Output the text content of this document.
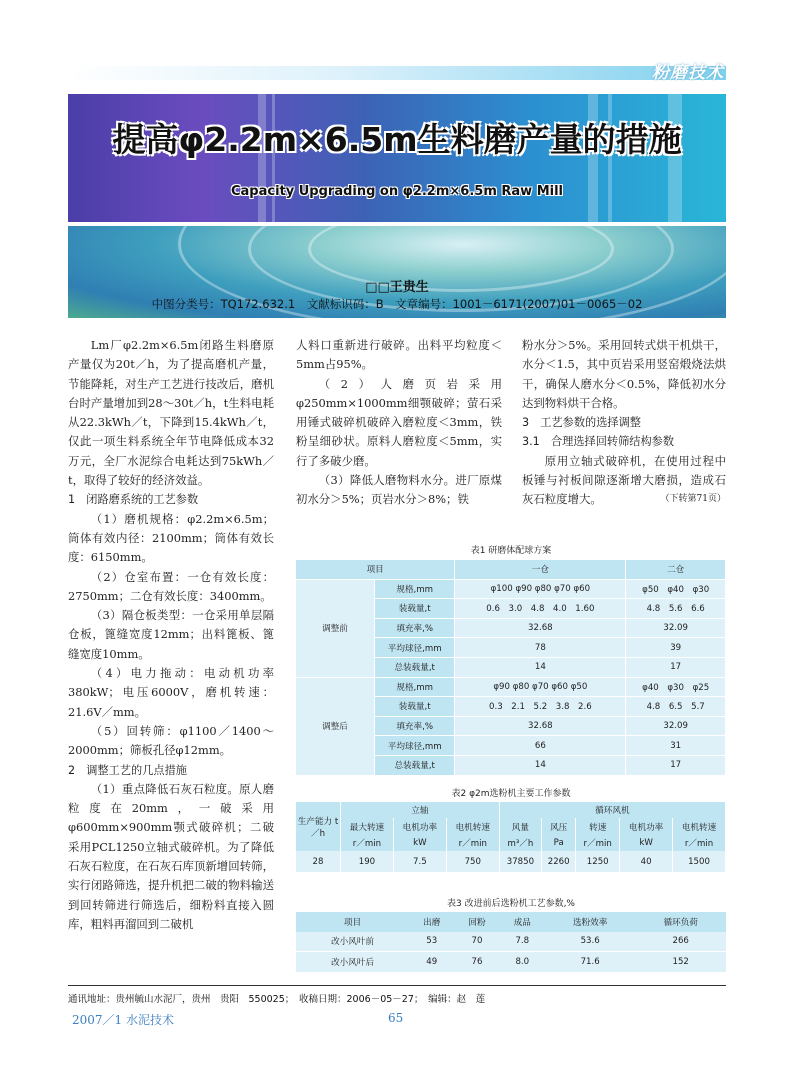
粉磨技术
提高φ2.2m×6.5m生料磨产量的措施
Capacity Upgrading on φ2.2m×6.5m Raw Mill
□□王贵生
中图分类号：TQ172.632.1　文献标识码：B　文章编号：1001－6171(2007)01－0065－02

Lm厂φ2.2m×6.5m闭路生料磨原产量仅为20t／h，为了提高磨机产量，节能降耗，对生产工艺进行技改后，磨机台时产量增加到28～30t／h，t生料电耗从22.3kWh／t，下降到15.4kWh／t，仅此一项生料系统全年节电降低成本32万元，全厂水泥综合电耗达到75kWh／t，取得了较好的经济效益。

1　闭路磨系统的工艺参数

（1）磨机规格：φ2.2m×6.5m；筒体有效内径：2100mm；筒体有效长度：6150mm。

（2）仓室布置：一仓有效长度：2750mm；二仓有效长度：3400mm。

（3）隔仓板类型：一仓采用单层隔仓板，篦缝宽度12mm；出料篦板、篦缝宽度10mm。

（4）电力拖动：电动机功率380kW；电压6000V，磨机转速：21.6V／mm。

（5）回转筛：φ1100／1400～2000mm；筛板孔径φ12mm。

2　调整工艺的几点措施

（1）重点降低石灰石粒度。原人磨粒度在20mm，一破采用φ600mm×900mm颚式破碎机；二破采用PCL1250立轴式破碎机。为了降低石灰石粒度，在石灰石库顶新增回转筛，实行闭路筛选，提升机把二破的物料输送到回转筛进行筛选后，细粉料直接入圆库，粗料再溜回到二破机

人料口重新进行破碎。出料平均粒度＜5mm占95%。

（2）人磨页岩采用φ250mm×1000mm细颚破碎；萤石采用锤式破碎机破碎入磨粒度＜3mm，铁粉呈细砂状。原料人磨粒度＜5mm，实行了多破少磨。

（3）降低人磨物料水分。进厂原煤初水分＞5%；页岩水分＞8%；铁

粉水分＞5%。采用回转式烘干机烘干，水分＜1.5，其中页岩采用竖窑煅烧法烘干，确保人磨水分＜0.5%，降低初水分达到物料烘干合格。

3　工艺参数的选择调整

3.1　合理选择回转筛结构参数

原用立轴式破碎机，在使用过程中板锤与衬板间隙逐渐增大磨损，造成石灰石粒度增大。	（下转第71页）

表1 研磨体配球方案
项目		一仓	二仓
调整前	规格,mm	φ100 φ90 φ80 φ70 φ60	φ50　φ40　φ30
	装载量,t	0.6　3.0　4.8　4.0　1.60	4.8　5.6　6.6
	填充率,%	32.68	32.09
	平均球径,mm	78	39
	总装载量,t	14	17
调整后	规格,mm	φ90 φ80 φ70 φ60 φ50	φ40　φ30　φ25
	装载量,t	0.3　2.1　5.2　3.8　2.6	4.8　6.5　5.7
	填充率,%	32.68	32.09
	平均球径,mm	66	31
	总装载量,t	14	17
表2 φ2m选粉机主要工作参数
生产能力 t／h	立轴			循环风机				
	最大转速	电机功率	电机转速	风量	风压	转速	电机功率	电机转速
	r／min	kW	r／min	m³／h	Pa	r／min	kW	r／min
28	190	7.5	750	37850	2260	1250	40	1500
表3 改进前后选粉机工艺参数,%
项目	出磨	回粉	成品	选粉效率	循环负荷
改小风叶前	53	70	7.8	53.6	266
改小风叶后	49	76	8.0	71.6	152
通讯地址：贵州毓山水泥厂，贵州　贵阳　550025；　收稿日期：2006－05－27；　编辑：赵　莲
2007／1 水泥技术	65
